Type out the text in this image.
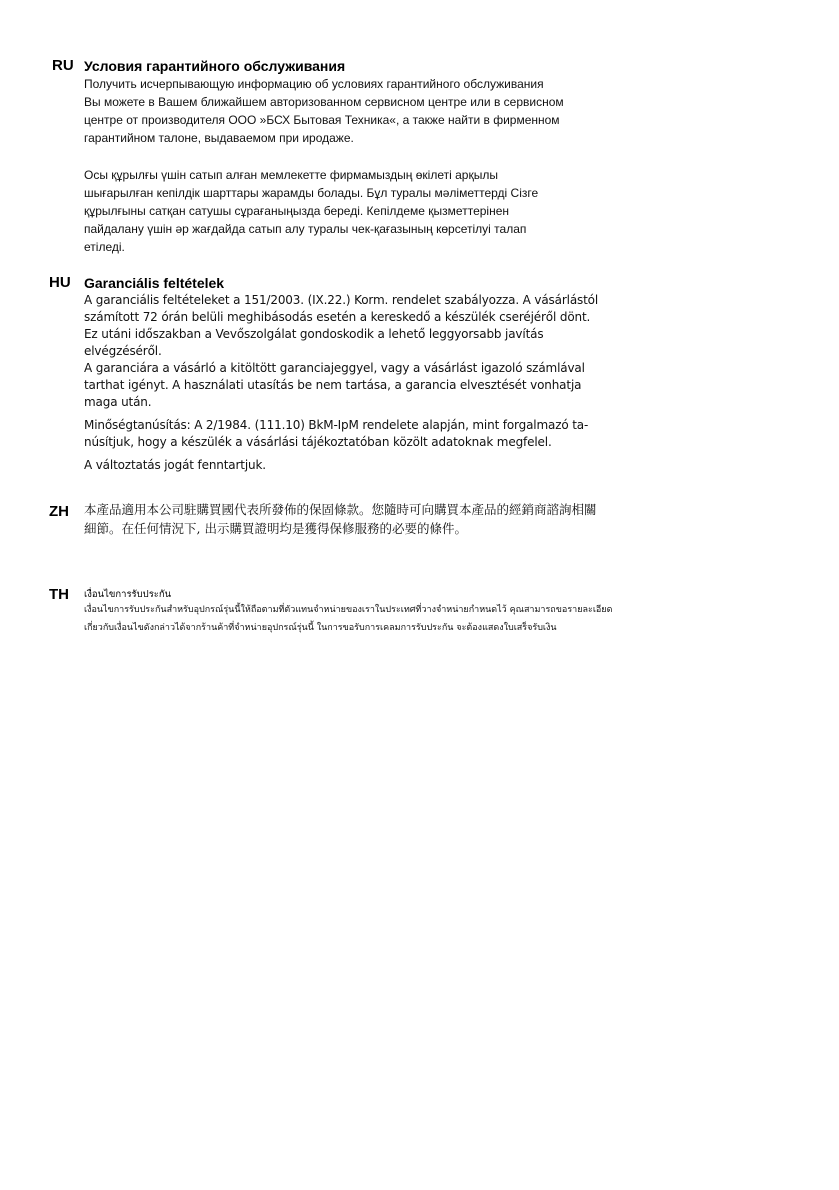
RU Условия гарантийного обслуживания
Получить исчерпывающую информацию об условиях гарантийного обслуживания
Вы можете в Вашем ближайшем авторизованном сервисном центре или в сервисном
центре от производителя ООО »БСХ Бытовая Техника«, а также найти в фирменном
гарантийном талоне, выдаваемом при иродаже.
Осы құрылғы үшін сатып алған мемлекетте фирмамыздың өкілеті арқылы
шығарылған кепілдік шарттары жарамды болады. Бұл туралы мәліметтерді Сізге
құрылғыны сатқан сатушы сұрағаныңызда береді. Кепілдеме қызметтерінен
пайдалану үшін әр жағдайда сатып алу туралы чек-қағазының көрсетілуі талап
етіледі.
HU Garanciális feltételek
A garanciális feltételeket a 151/2003. (IX.22.) Korm. rendelet szabályozza. A vásárlástól
számított 72 órán belüli meghibásodás esetén a kereskedő a készülék cseréjéről dönt.
Ez utáni időszakban a Vevőszolgálat gondoskodik a lehető leggyorsabb javítás
elvégzéséről.
A garanciára a vásárló a kitöltött garanciajeggyel, vagy a vásárlást igazoló számlával
tarthat igényt. A használati utasítás be nem tartása, a garancia elvesztését vonhatja
maga után.
Minőségtanúsítás: A 2/1984. (111.10) BkM-IpM rendelete alapján, mint forgalmazó ta-
núsítjuk, hogy a készülék a vásárlási tájékoztatóban közölt adatoknak megfelel.
A változtatás jogát fenntartjuk.
ZH 本產品適用本公司駐購買國代表所發佈的保固條款。您隨時可向購買本產品的經銷商諮詢相關
細節。在任何情況下, 出示購買證明均是獲得保修服務的必要的條件。
TH เงื่อนไขการรับประกัน
เงื่อนไขการรับประกันสำหรับอุปกรณ์รุ่นนี้ให้ถือตามที่ตัวแทนจำหน่ายของเราในประเทศที่วางจำหน่ายกำหนดไว้ คุณสามารถขอรายละเอียด
เกี่ยวกับเงื่อนไขดังกล่าวได้จากร้านค้าที่จำหน่ายอุปกรณ์รุ่นนี้ ในการขอรับการเคลมการรับประกัน จะต้องแสดงใบเสร็จรับเงิน
